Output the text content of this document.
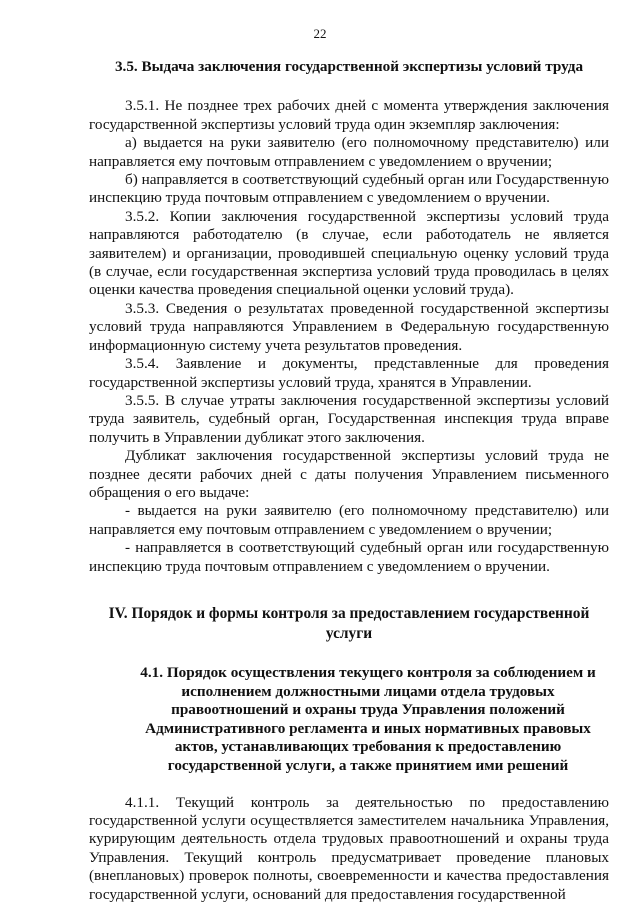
22

3.5. Выдача заключения государственной экспертизы условий труда

3.5.1. Не позднее трех рабочих дней с момента утверждения заключения государственной экспертизы условий труда один экземпляр заключения:

а) выдается на руки заявителю (его полномочному представителю) или направляется ему почтовым отправлением с уведомлением о вручении;

б) направляется в соответствующий судебный орган или Государственную инспекцию труда почтовым отправлением с уведомлением о вручении.

3.5.2. Копии заключения государственной экспертизы условий труда направляются работодателю (в случае, если работодатель не является заявителем) и организации, проводившей специальную оценку условий труда (в случае, если государственная экспертиза условий труда проводилась в целях оценки качества проведения специальной оценки условий труда).

3.5.3. Сведения о результатах проведенной государственной экспертизы условий труда направляются Управлением в Федеральную государственную информационную систему учета результатов проведения.

3.5.4. Заявление и документы, представленные для проведения государственной экспертизы условий труда, хранятся в Управлении.

3.5.5. В случае утраты заключения государственной экспертизы условий труда заявитель, судебный орган, Государственная инспекция труда вправе получить в Управлении дубликат этого заключения.

Дубликат заключения государственной экспертизы условий труда не позднее десяти рабочих дней с даты получения Управлением письменного обращения о его выдаче:

- выдается на руки заявителю (его полномочному представителю) или направляется ему почтовым отправлением с уведомлением о вручении;

- направляется в соответствующий судебный орган или государственную инспекцию труда почтовым отправлением с уведомлением о вручении.

IV. Порядок и формы контроля за предоставлением государственной услуги

4.1. Порядок осуществления текущего контроля за соблюдением и исполнением должностными лицами отдела трудовых правоотношений и охраны труда Управления положений Административного регламента и иных нормативных правовых актов, устанавливающих требования к предоставлению государственной услуги, а также принятием ими решений

4.1.1. Текущий контроль за деятельностью по предоставлению государственной услуги осуществляется заместителем начальника Управления, курирующим деятельность отдела трудовых правоотношений и охраны труда Управления. Текущий контроль предусматривает проведение плановых (внеплановых) проверок полноты, своевременности и качества предоставления государственной услуги, оснований для предоставления государственной
